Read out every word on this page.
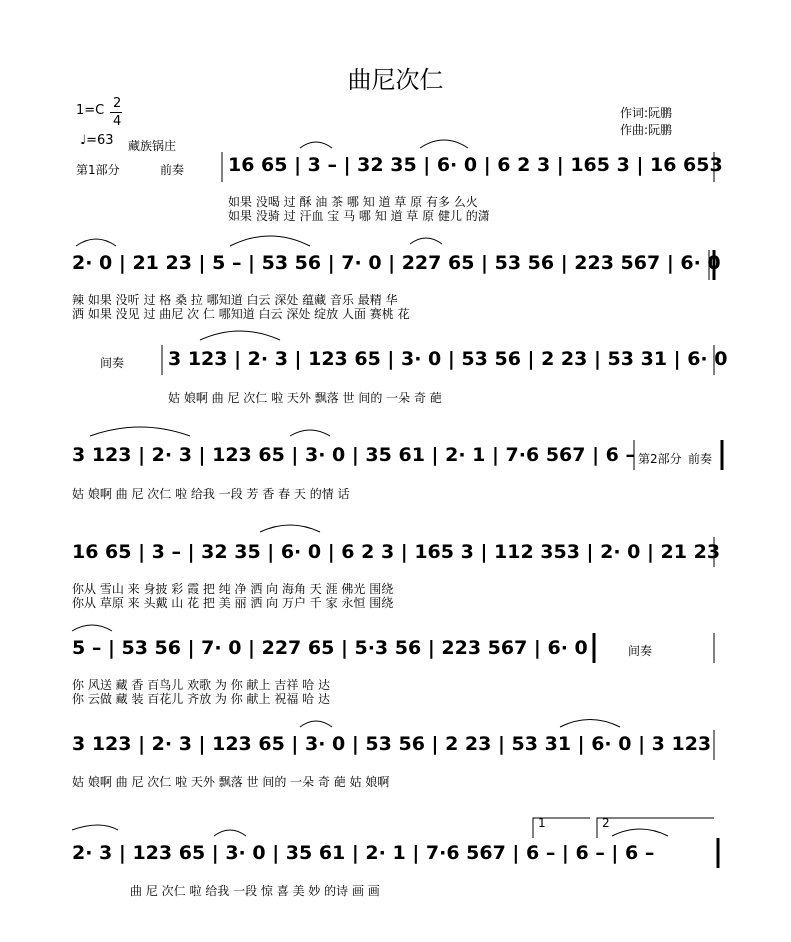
曲尼次仁
1=C 2
4
♩=63 藏族锅庄
作词:阮鹏
作曲:阮鹏
第1部分	前奏 16 65 | 3 – | 32 35 | 6· 0 | 6 2 3 | 165 3 | 16 653
如果 没喝 过 酥 油 茶 哪 知 道 草 原 有多 么火
如果 没骑 过 汗血 宝 马 哪 知 道 草 原 健儿 的潇
2· 0 | 21 23 | 5 – | 53 56 | 7· 0 | 227 65 | 53 56 | 223 567 | 6· 0
辣 如果 没听 过 格 桑 拉 哪知道 白云 深处 蕴藏 音乐 最精 华
洒 如果 没见 过 曲尼 次 仁 哪知道 白云 深处 绽放 人面 赛桃 花
间奏 3 123 | 2· 3 | 123 65 | 3· 0 | 53 56 | 2 23 | 53 31 | 6· 0
姑 娘啊 曲 尼 次仁 啦 天外 飘落 世 间的 一朵 奇 葩
3 123 | 2· 3 | 123 65 | 3· 0 | 35 61 | 2· 1 | 7·6 567 | 6 – 第2部分 前奏
姑 娘啊 曲 尼 次仁 啦 给我 一段 芳 香 春 天 的情 话
16 65 | 3 – | 32 35 | 6· 0 | 6 2 3 | 165 3 | 112 353 | 2· 0 | 21 23
你从 雪山 来 身披 彩 霞 把 纯 净 洒 向 海角 天 涯 佛光 围绕
你从 草原 来 头戴 山 花 把 美 丽 洒 向 万户 千 家 永恒 围绕
5 – | 53 56 | 7· 0 | 227 65 | 5·3 56 | 223 567 | 6· 0	间奏
你 风送 藏 香 百鸟儿 欢歌 为 你 献上 吉祥 哈 达
你 云做 藏 装 百花儿 齐放 为 你 献上 祝福 哈 达
3 123 | 2· 3 | 123 65 | 3· 0 | 53 56 | 2 23 | 53 31 | 6· 0 | 3 123
姑 娘啊 曲 尼 次仁 啦 天外 飘落 世 间的 一朵 奇 葩 姑 娘啊
1	2
2· 3 | 123 65 | 3· 0 | 35 61 | 2· 1 | 7·6 567 | 6 – | 6 – | 6 –
曲 尼 次仁 啦 给我 一段 惊 喜 美 妙 的诗 画 画
